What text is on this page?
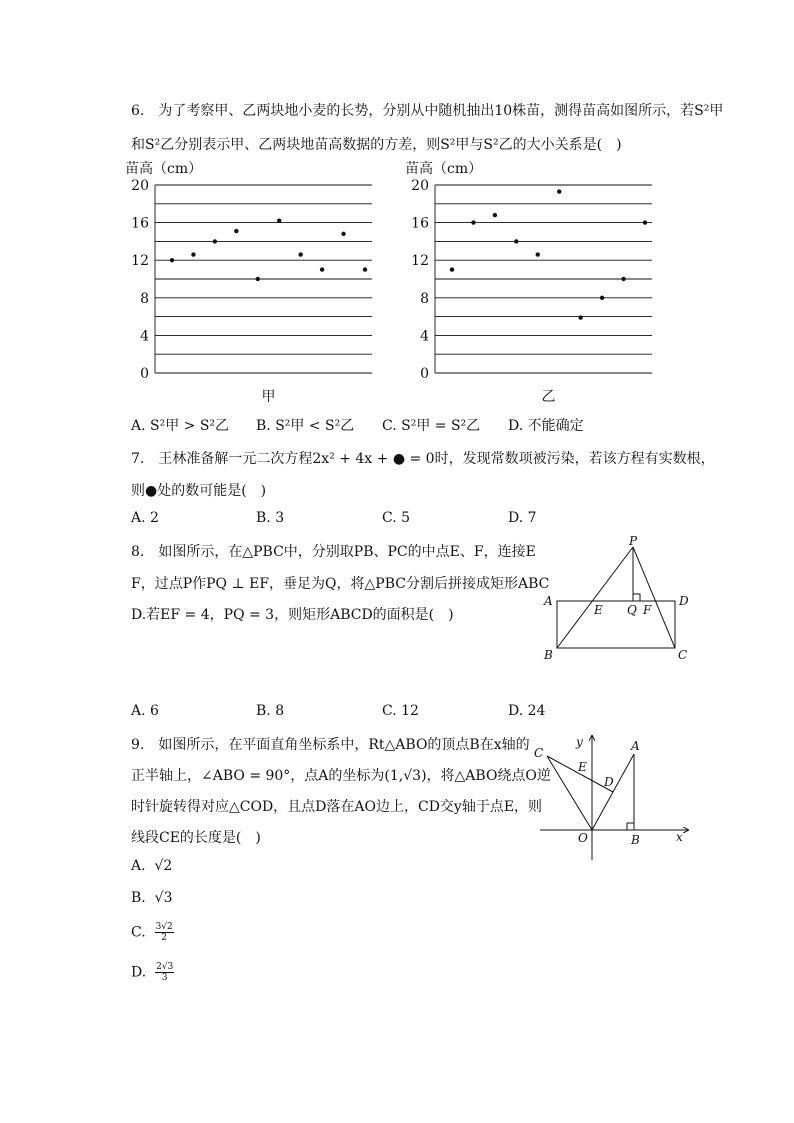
6.　为了考察甲、乙两块地小麦的长势，分别从中随机抽出10株苗，测得苗高如图所示，若S²甲
和S²乙分别表示甲、乙两块地苗高数据的方差，则S²甲与S²乙的大小关系是(　)
苗高（cm）
0
4
8
12
16
20
甲
苗高（cm）
0
4
8
12
16
20
乙
A. S²甲 > S²乙 B. S²甲 < S²乙 C. S²甲 = S²乙 D. 不能确定
7.　王林准备解一元二次方程2x² + 4x + ● = 0时，发现常数项被污染，若该方程有实数根，
则●处的数可能是(　)
A. 2	B. 3	C. 5	D. 7
8.　如图所示，在△PBC中，分别取PB、PC的中点E、F，连接E
F，过点P作PQ ⊥ EF，垂足为Q，将△PBC分割后拼接成矩形ABC
D.若EF = 4，PQ = 3，则矩形ABCD的面积是(　)
P
A
E Q F
D
B	C
A. 6	B. 8	C. 12	D. 24
9.　如图所示，在平面直角坐标系中，Rt△ABO的顶点B在x轴的
正半轴上，∠ABO = 90°，点A的坐标为(1,√3)，将△ABO绕点O逆
时针旋转得对应△COD，且点D落在AO边上，CD交y轴于点E，则
线段CE的长度是(　)
C
y	A
E
D
O	B	x
A. √2
B. √3
C. $\frac{3√2}{2}$
D. $\frac{2√3}{3}$
